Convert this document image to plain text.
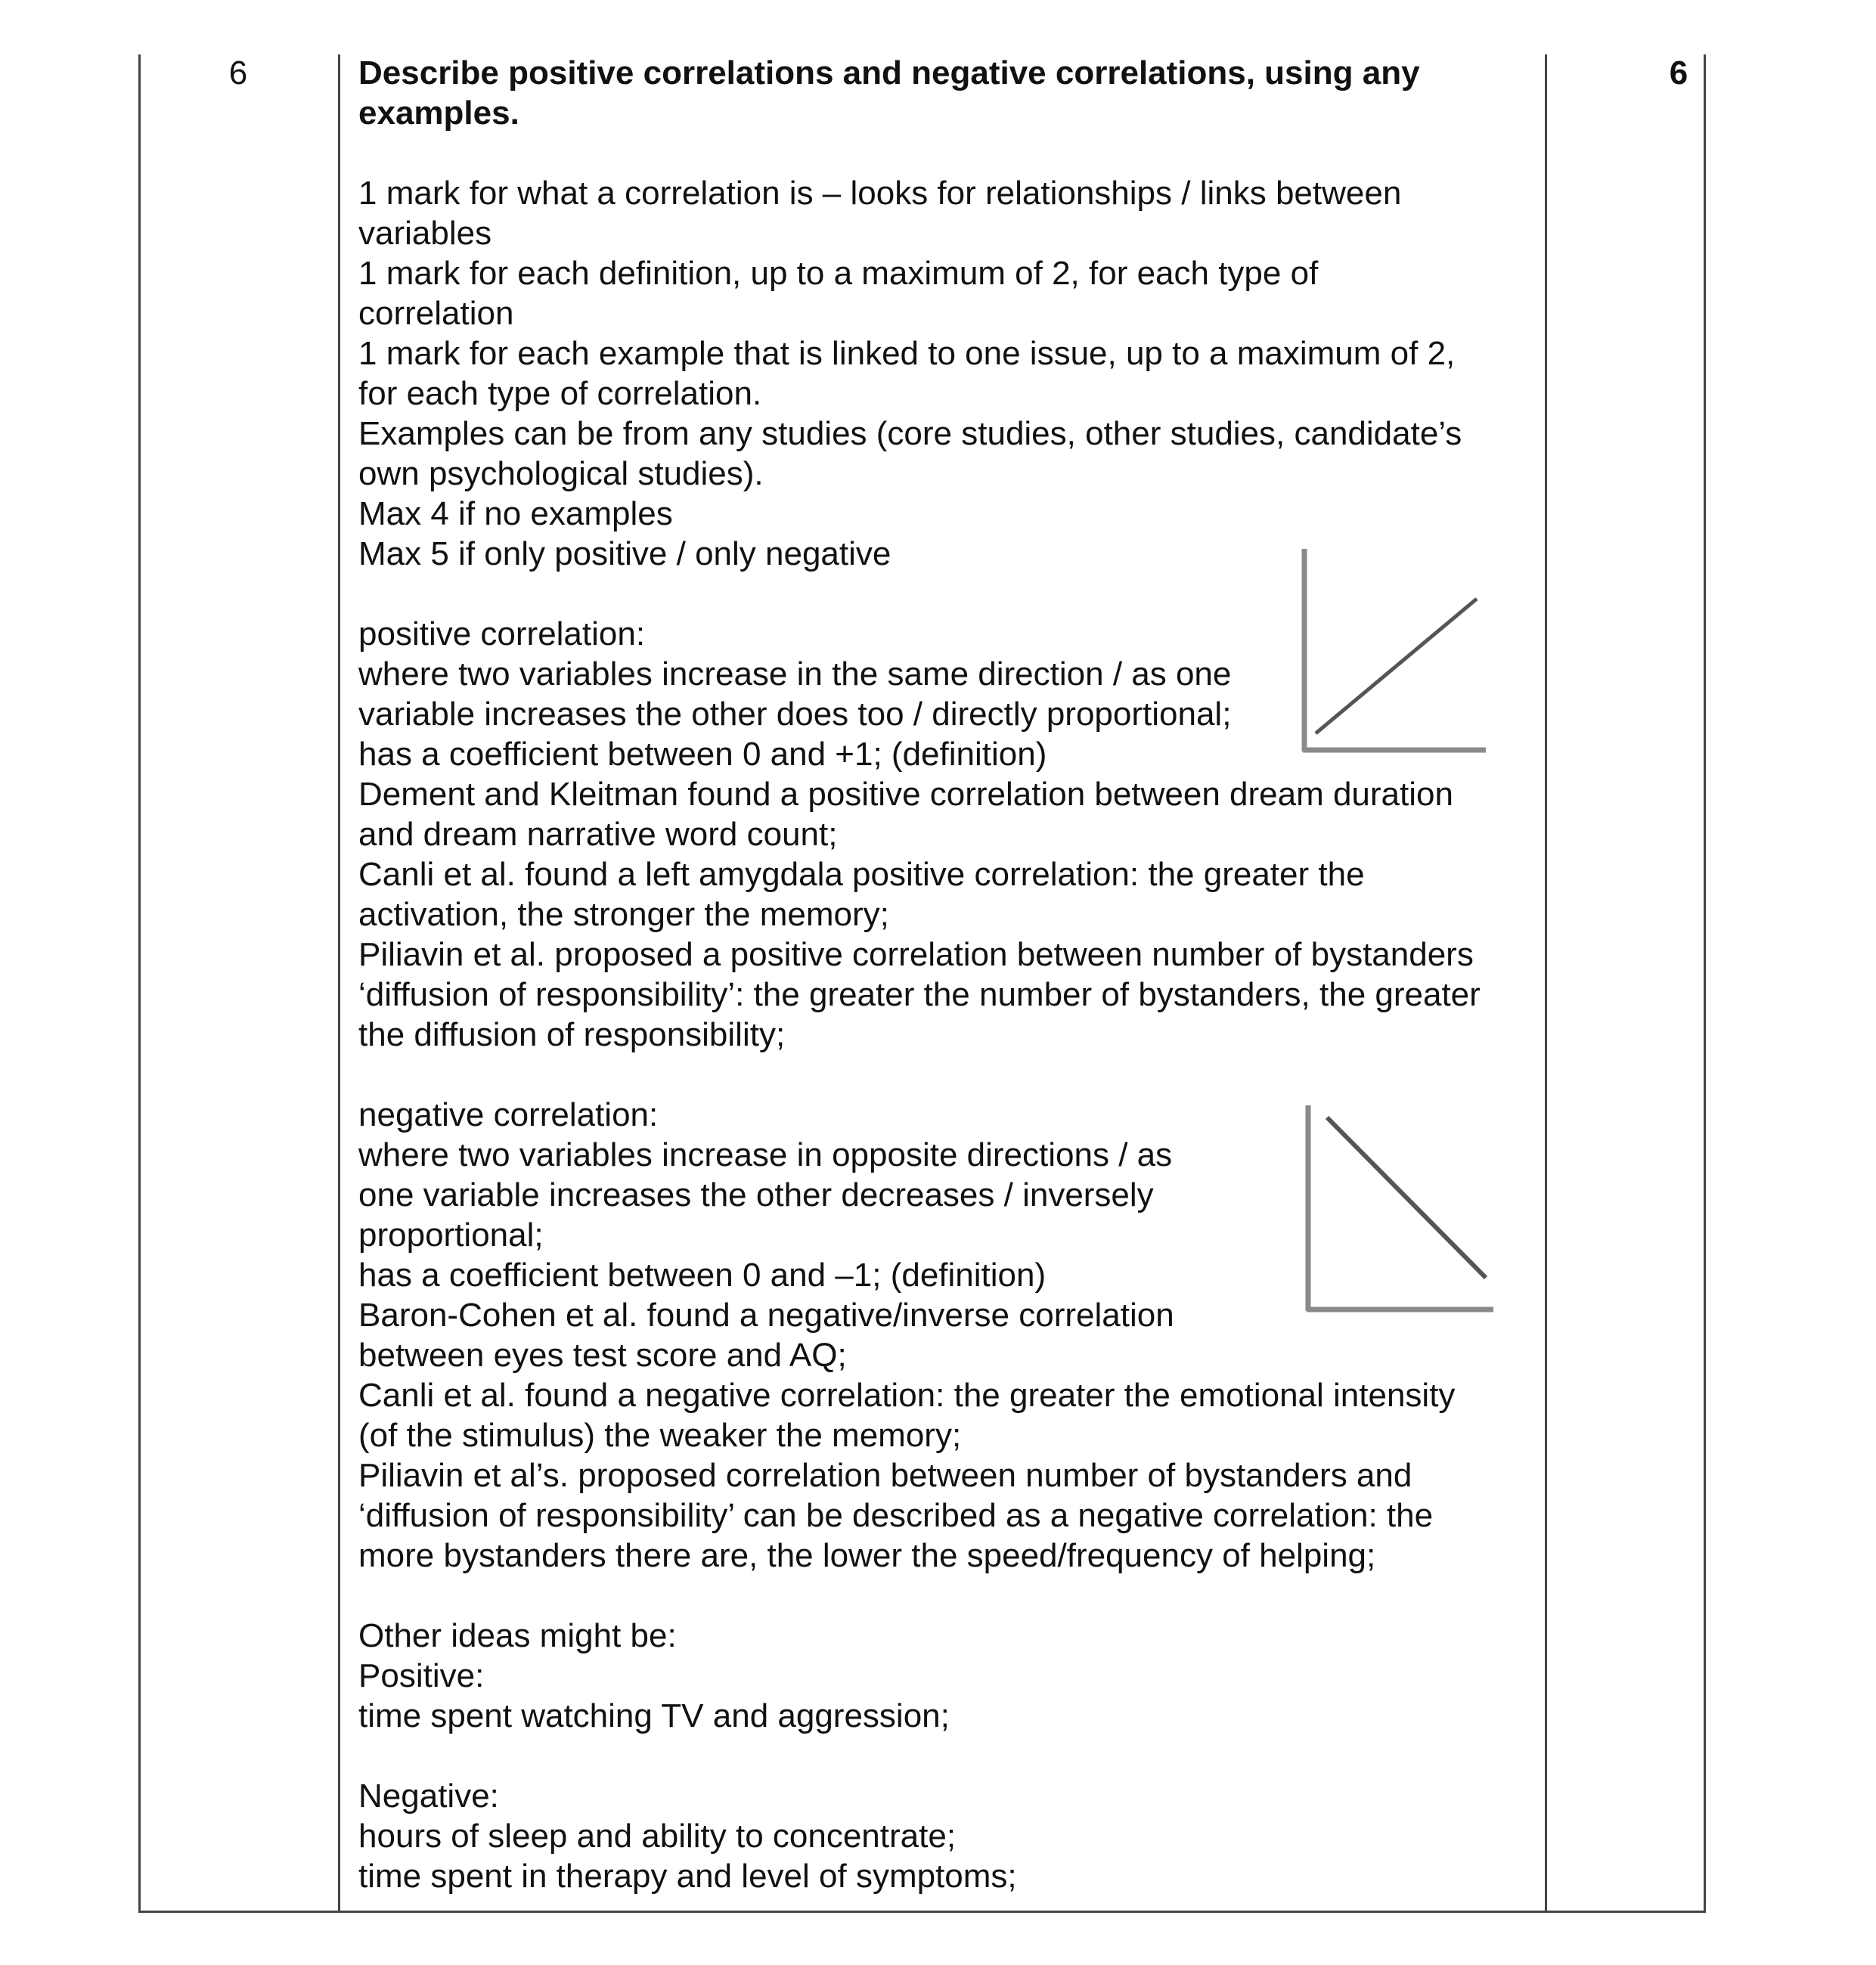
6	6
Describe positive correlations and negative correlations, using any
examples.
1 mark for what a correlation is – looks for relationships / links between
variables
1 mark for each definition, up to a maximum of 2, for each type of
correlation
1 mark for each example that is linked to one issue, up to a maximum of 2,
for each type of correlation.
Examples can be from any studies (core studies, other studies, candidate’s
own psychological studies).
Max 4 if no examples
Max 5 if only positive / only negative
positive correlation:
where two variables increase in the same direction / as one
variable increases the other does too / directly proportional;
has a coefficient between 0 and +1; (definition)
Dement and Kleitman found a positive correlation between dream duration
and dream narrative word count;
Canli et al. found a left amygdala positive correlation: the greater the
activation, the stronger the memory;
Piliavin et al. proposed a positive correlation between number of bystanders
‘diffusion of responsibility’: the greater the number of bystanders, the greater
the diffusion of responsibility;
negative correlation:
where two variables increase in opposite directions / as
one variable increases the other decreases / inversely
proportional;
has a coefficient between 0 and –1; (definition)
Baron-Cohen et al. found a negative/inverse correlation
between eyes test score and AQ;
Canli et al. found a negative correlation: the greater the emotional intensity
(of the stimulus) the weaker the memory;
Piliavin et al’s. proposed correlation between number of bystanders and
‘diffusion of responsibility’ can be described as a negative correlation: the
more bystanders there are, the lower the speed/frequency of helping;
Other ideas might be:
Positive:
time spent watching TV and aggression;
Negative:
hours of sleep and ability to concentrate;
time spent in therapy and level of symptoms;
